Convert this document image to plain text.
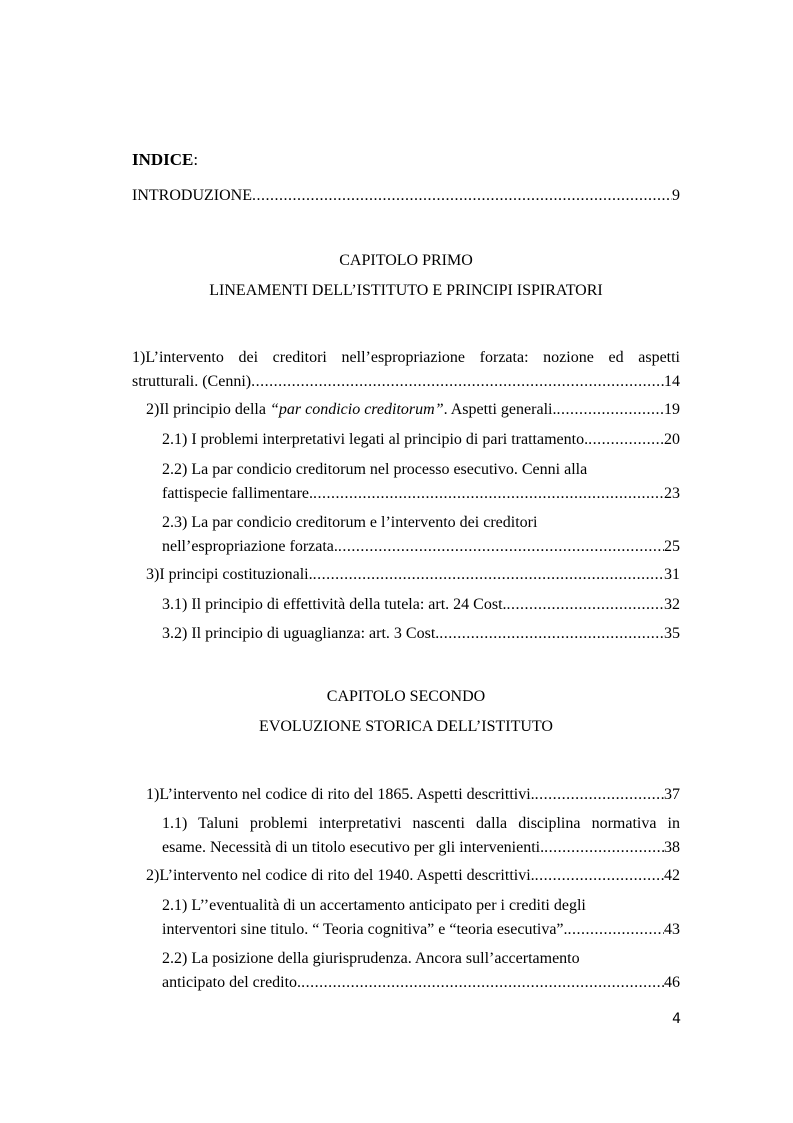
INDICE:
INTRODUZIONE .....	9
CAPITOLO PRIMO
LINEAMENTI DELL’ISTITUTO E PRINCIPI ISPIRATORI
1)L’intervento dei creditori nell’espropriazione forzata: nozione ed aspetti
strutturali. (Cenni) .....	14
2)Il principio della “par condicio creditorum”. Aspetti generali. .....	19
2.1) I problemi interpretativi legati al principio di pari trattamento. .....	20
2.2) La par condicio creditorum nel processo esecutivo. Cenni alla
fattispecie fallimentare. .....	23
2.3) La par condicio creditorum e l’intervento dei creditori
nell’espropriazione forzata. .....	25
3)I principi costituzionali. .....	31
3.1) Il principio di effettività della tutela: art. 24 Cost. .....	32
3.2) Il principio di uguaglianza: art. 3 Cost. .....	35
CAPITOLO SECONDO
EVOLUZIONE STORICA DELL’ISTITUTO
1)L’intervento nel codice di rito del 1865. Aspetti descrittivi. .....	37
1.1) Taluni problemi interpretativi nascenti dalla disciplina normativa in
esame. Necessità di un titolo esecutivo per gli intervenienti. .....	38
2)L’intervento nel codice di rito del 1940. Aspetti descrittivi. .....	42
2.1) L’’eventualità di un accertamento anticipato per i crediti degli
interventori sine titulo. “ Teoria cognitiva” e “teoria esecutiva”. .....	43
2.2) La posizione della giurisprudenza. Ancora sull’accertamento
anticipato del credito. .....	46
4
